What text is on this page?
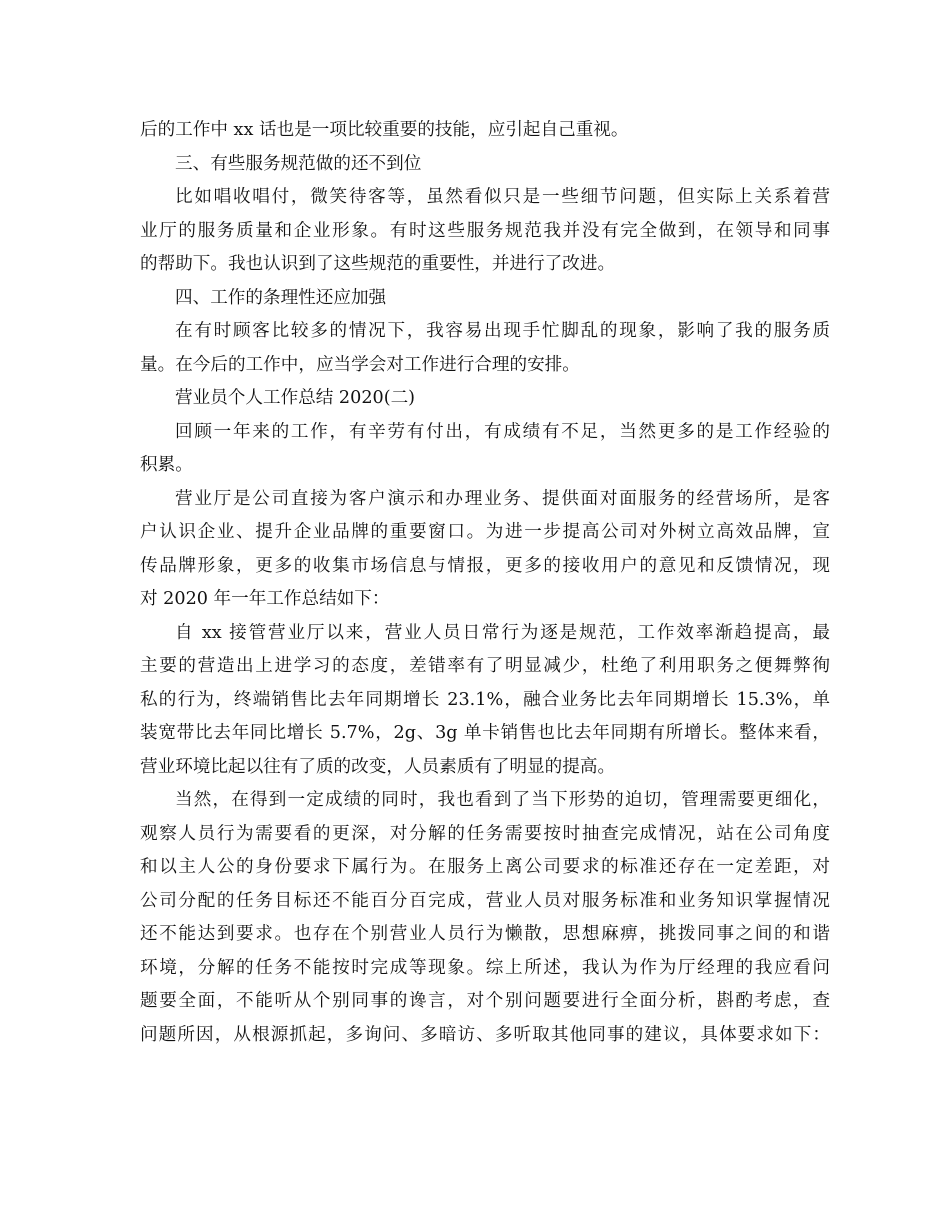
后的工作中 xx 话也是一项比较重要的技能，应引起自己重视。
三、有些服务规范做的还不到位
比如唱收唱付，微笑待客等，虽然看似只是一些细节问题，但实际上关系着营
业厅的服务质量和企业形象。有时这些服务规范我并没有完全做到，在领导和同事
的帮助下。我也认识到了这些规范的重要性，并进行了改进。
四、工作的条理性还应加强
在有时顾客比较多的情况下，我容易出现手忙脚乱的现象，影响了我的服务质
量。在今后的工作中，应当学会对工作进行合理的安排。
营业员个人工作总结 2020(二)
回顾一年来的工作，有辛劳有付出，有成绩有不足，当然更多的是工作经验的
积累。
营业厅是公司直接为客户演示和办理业务、提供面对面服务的经营场所，是客
户认识企业、提升企业品牌的重要窗口。为进一步提高公司对外树立高效品牌，宣
传品牌形象，更多的收集市场信息与情报，更多的接收用户的意见和反馈情况，现
对 2020 年一年工作总结如下：
自 xx 接管营业厅以来，营业人员日常行为逐是规范，工作效率渐趋提高，最
主要的营造出上进学习的态度，差错率有了明显减少，杜绝了利用职务之便舞弊徇
私的行为，终端销售比去年同期增长 23.1%，融合业务比去年同期增长 15.3%，单
装宽带比去年同比增长 5.7%，2g、3g 单卡销售也比去年同期有所增长。整体来看，
营业环境比起以往有了质的改变，人员素质有了明显的提高。
当然，在得到一定成绩的同时，我也看到了当下形势的迫切，管理需要更细化，
观察人员行为需要看的更深，对分解的任务需要按时抽查完成情况，站在公司角度
和以主人公的身份要求下属行为。在服务上离公司要求的标准还存在一定差距，对
公司分配的任务目标还不能百分百完成，营业人员对服务标准和业务知识掌握情况
还不能达到要求。也存在个别营业人员行为懒散，思想麻痹，挑拨同事之间的和谐
环境，分解的任务不能按时完成等现象。综上所述，我认为作为厅经理的我应看问
题要全面，不能听从个别同事的谗言，对个别问题要进行全面分析，斟酌考虑，查
问题所因，从根源抓起，多询问、多暗访、多听取其他同事的建议，具体要求如下：
